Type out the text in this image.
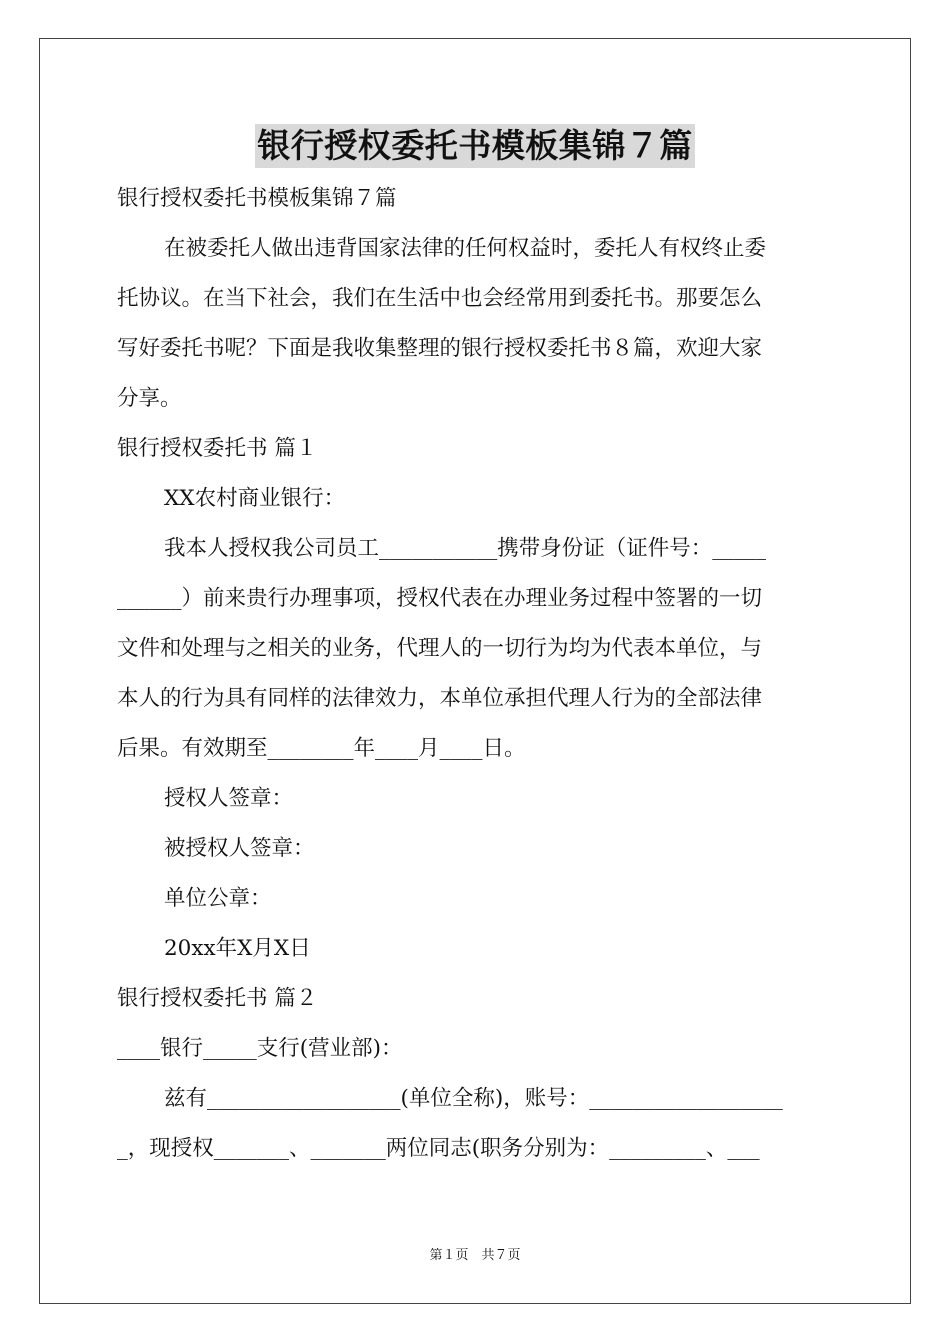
银行授权委托书模板集锦７篇
银行授权委托书模板集锦７篇
在被委托人做出违背国家法律的任何权益时，委托人有权终止委
托协议。在当下社会，我们在生活中也会经常用到委托书。那要怎么
写好委托书呢？下面是我收集整理的银行授权委托书８篇，欢迎大家
分享。
银行授权委托书 篇１
XX农村商业银行：
我本人授权我公司员工___________携带身份证（证件号：_____
______）前来贵行办理事项，授权代表在办理业务过程中签署的一切
文件和处理与之相关的业务，代理人的一切行为均为代表本单位，与
本人的行为具有同样的法律效力，本单位承担代理人行为的全部法律
后果。有效期至________年____月____日。
授权人签章：
被授权人签章：
单位公章：
20xx年X月X日
银行授权委托书 篇２
____银行_____支行(营业部)：
兹有__________________(单位全称)，账号：__________________
_，现授权_______、_______两位同志(职务分别为：_________、___
第１页　共７页
